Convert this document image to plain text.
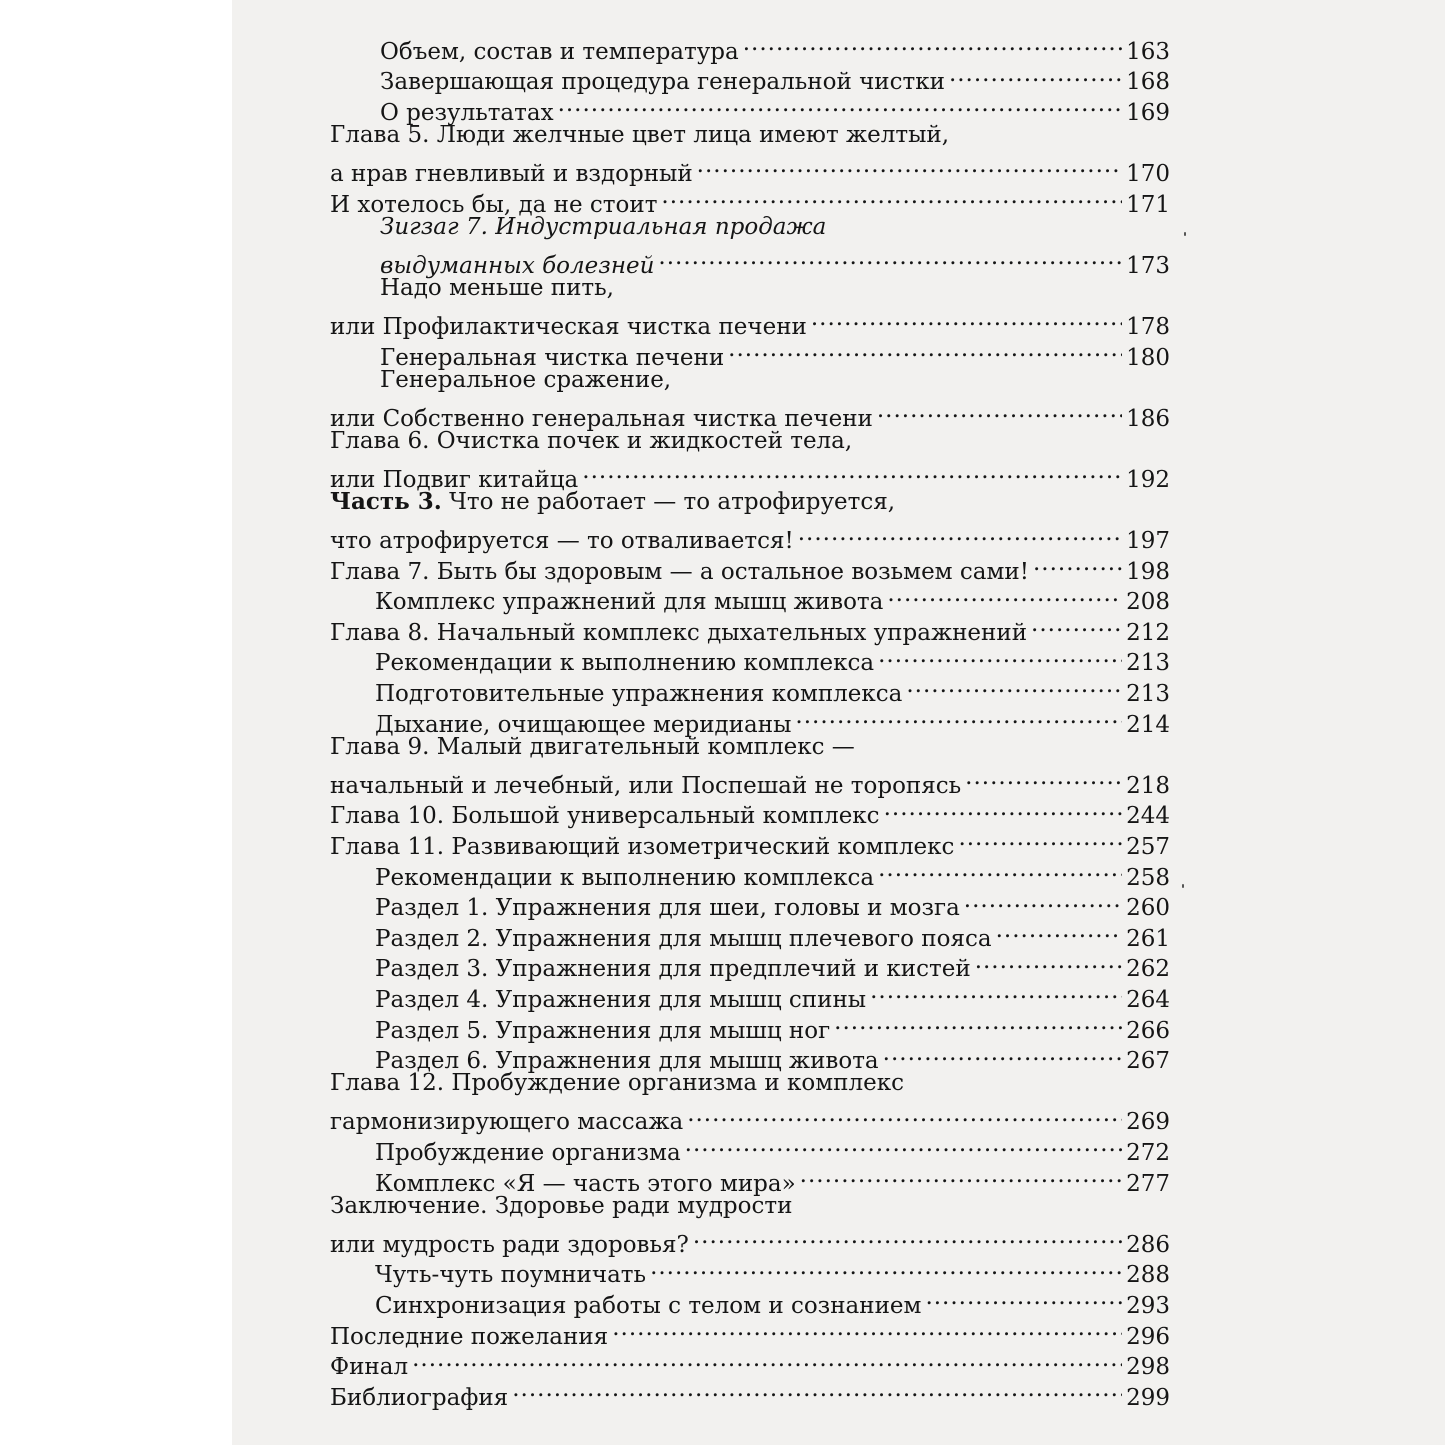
Объем, состав и температура .....	163
Завершающая процедура генеральной чистки .....	168
О результатах .....	169
Глава 5. Люди желчные цвет лица имеют желтый,
а нрав гневливый и вздорный .....	170
И хотелось бы, да не стоит .....	171
Зигзаг 7. Индустриальная продажа
выдуманных болезней .....	173
Надо меньше пить,
или Профилактическая чистка печени .....	178
Генеральная чистка печени .....	180
Генеральное сражение,
или Собственно генеральная чистка печени .....	186
Глава 6. Очистка почек и жидкостей тела,
или Подвиг китайца .....	192
Часть 3. Что не работает — то атрофируется,
что атрофируется — то отваливается! .....	197
Глава 7. Быть бы здоровым — а остальное возьмем сами! .....	198
Комплекс упражнений для мышц живота .....	208
Глава 8. Начальный комплекс дыхательных упражнений .....	212
Рекомендации к выполнению комплекса .....	213
Подготовительные упражнения комплекса .....	213
Дыхание, очищающее меридианы .....	214
Глава 9. Малый двигательный комплекс —
начальный и лечебный, или Поспешай не торопясь .....	218
Глава 10. Большой универсальный комплекс .....	244
Глава 11. Развивающий изометрический комплекс .....	257
Рекомендации к выполнению комплекса .....	258
Раздел 1. Упражнения для шеи, головы и мозга .....	260
Раздел 2. Упражнения для мышц плечевого пояса .....	261
Раздел 3. Упражнения для предплечий и кистей .....	262
Раздел 4. Упражнения для мышц спины .....	264
Раздел 5. Упражнения для мышц ног .....	266
Раздел 6. Упражнения для мышц живота .....	267
Глава 12. Пробуждение организма и комплекс
гармонизирующего массажа .....	269
Пробуждение организма .....	272
Комплекс «Я — часть этого мира» .....	277
Заключение. Здоровье ради мудрости
или мудрость ради здоровья? .....	286
Чуть-чуть поумничать .....	288
Синхронизация работы с телом и сознанием .....	293
Последние пожелания .....	296
Финал .....	298
Библиография .....	299
